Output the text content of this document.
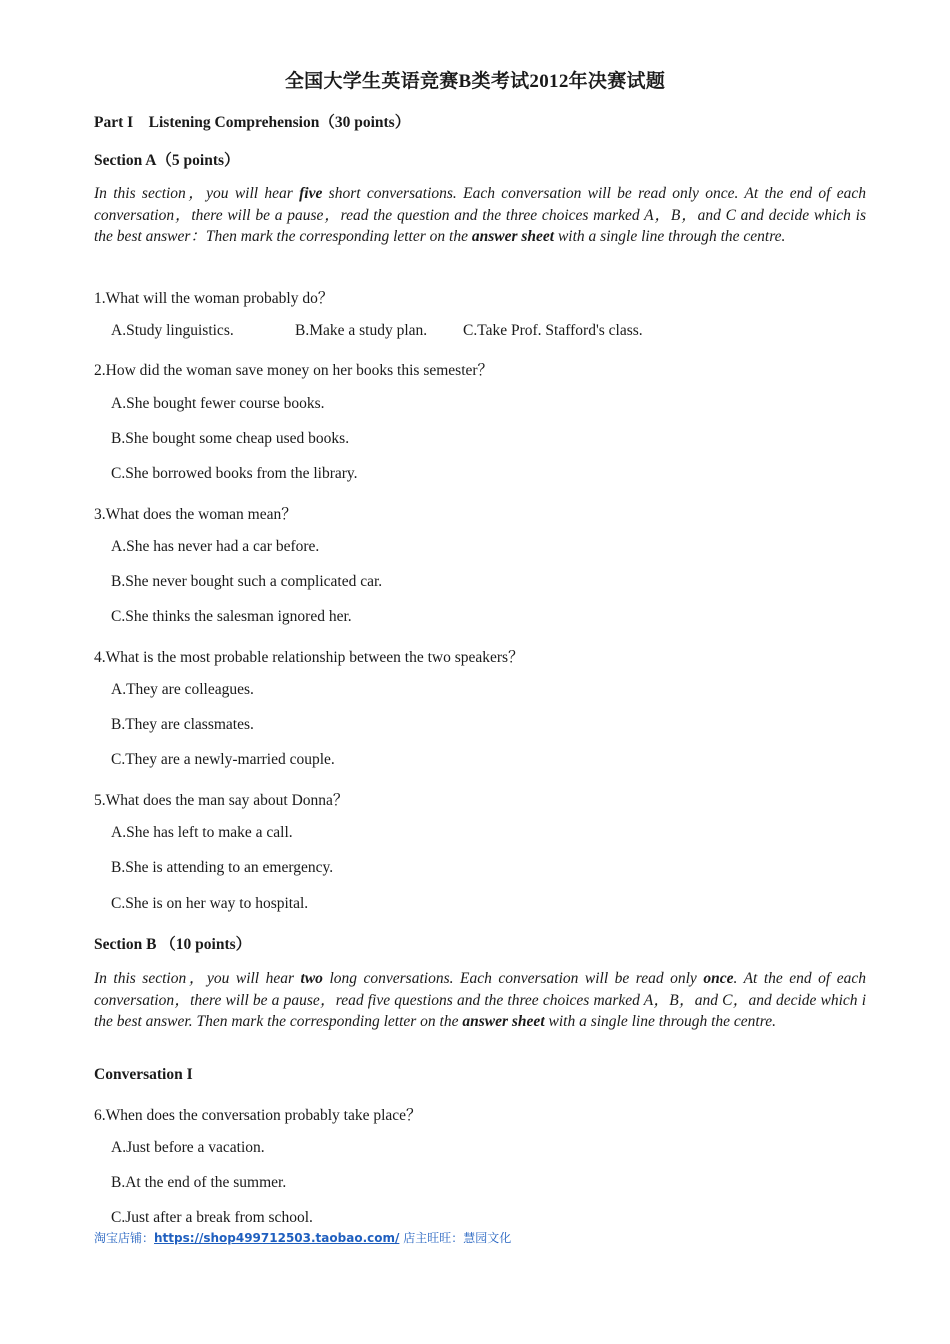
全国大学生英语竞赛B类考试2012年决赛试题
Part I　Listening Comprehension（30 points）
Section A（5 points）
In this section，you will hear five short conversations. Each conversation will be read only once. At the end of each conversation，there will be a pause，read the question and the three choices marked A，B，and C and decide which is the best answer：Then mark the corresponding letter on the answer sheet with a single line through the centre.
1.What will the woman probably do？
A.Study linguistics.	B.Make a study plan. C.Take Prof. Stafford's class.
2.How did the woman save money on her books this semester？
A.She bought fewer course books.
B.She bought some cheap used books.
C.She borrowed books from the library.
3.What does the woman mean？
A.She has never had a car before.
B.She never bought such a complicated car.
C.She thinks the salesman ignored her.
4.What is the most probable relationship between the two speakers？
A.They are colleagues.
B.They are classmates.
C.They are a newly-married couple.
5.What does the man say about Donna？
A.She has left to make a call.
B.She is attending to an emergency.
C.She is on her way to hospital.
Section B （10 points）
In this section，you will hear two long conversations. Each conversation will be read only once. At the end of each conversation，there will be a pause，read five questions and the three choices marked A，B，and C，and decide which i the best answer. Then mark the corresponding letter on the answer sheet with a single line through the centre.
Conversation I
6.When does the conversation probably take place？
A.Just before a vacation.
B.At the end of the summer.
C.Just after a break from school.
淘宝店铺：https://shop499712503.taobao.com/ 店主旺旺：慧园文化
